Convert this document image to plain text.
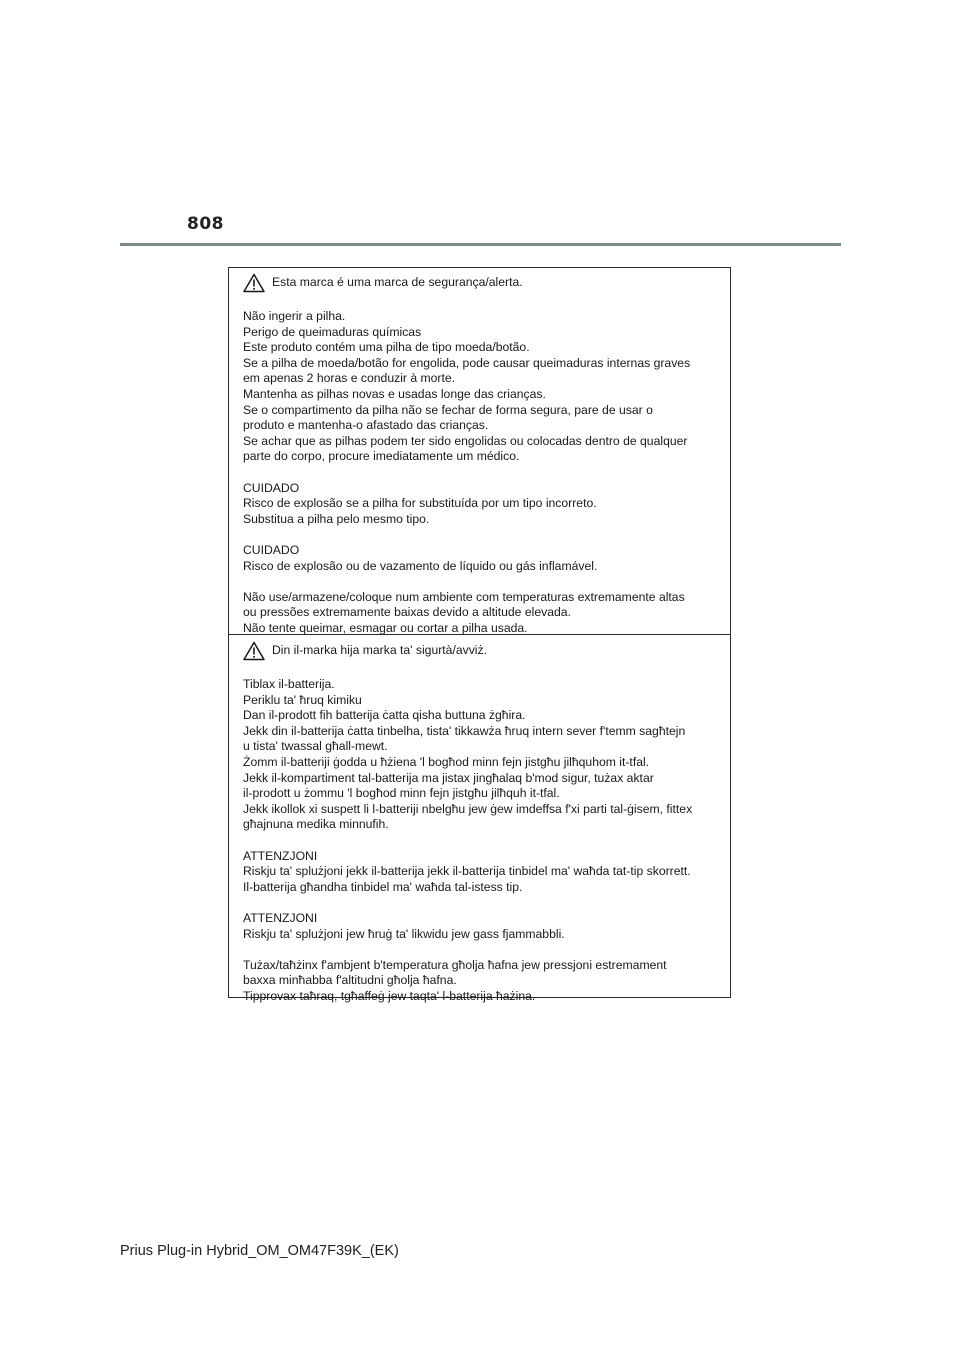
808
Esta marca é uma marca de segurança/alerta.
Não ingerir a pilha.
Perigo de queimaduras químicas
Este produto contém uma pilha de tipo moeda/botão.
Se a pilha de moeda/botão for engolida, pode causar queimaduras internas graves
em apenas 2 horas e conduzir à morte.
Mantenha as pilhas novas e usadas longe das crianças.
Se o compartimento da pilha não se fechar de forma segura, pare de usar o
produto e mantenha-o afastado das crianças.
Se achar que as pilhas podem ter sido engolidas ou colocadas dentro de qualquer
parte do corpo, procure imediatamente um médico.
CUIDADO
Risco de explosão se a pilha for substituída por um tipo incorreto.
Substitua a pilha pelo mesmo tipo.
CUIDADO
Risco de explosão ou de vazamento de líquido ou gás inflamável.
Não use/armazene/coloque num ambiente com temperaturas extremamente altas
ou pressões extremamente baixas devido a altitude elevada.
Não tente queimar, esmagar ou cortar a pilha usada.
Din il-marka hija marka ta' sigurtà/avviż.
Tiblax il-batterija.
Periklu ta' ħruq kimiku
Dan il-prodott fih batterija ċatta qisha buttuna żgħira.
Jekk din il-batterija ċatta tinbelha, tista' tikkawża ħruq intern sever f'temm sagħtejn
u tista' twassal għall-mewt.
Żomm il-batteriji ġodda u ħżiena 'l bogħod minn fejn jistgħu jilħquhom it-tfal.
Jekk il-kompartiment tal-batterija ma jistax jingħalaq b'mod sigur, tużax aktar
il-prodott u żommu 'l bogħod minn fejn jistgħu jilħquh it-tfal.
Jekk ikollok xi suspett li l-batteriji nbelgħu jew ġew imdeffsa f'xi parti tal-ġisem, fittex
għajnuna medika minnufih.
ATTENZJONI
Riskju ta' splużjoni jekk il-batterija jekk il-batterija tinbidel ma' waħda tat-tip skorrett.
Il-batterija għandha tinbidel ma' waħda tal-istess tip.
ATTENZJONI
Riskju ta' splużjoni jew ħruġ ta' likwidu jew gass fjammabbli.
Tużax/taħżinx f'ambjent b'temperatura għolja ħafna jew pressjoni estremament
baxxa minħabba f'altitudni għolja ħafna.
Tipprovax taħraq, tgħaffeġ jew taqta' l-batterija ħażina.
Prius Plug-in Hybrid_OM_OM47F39K_(EK)
